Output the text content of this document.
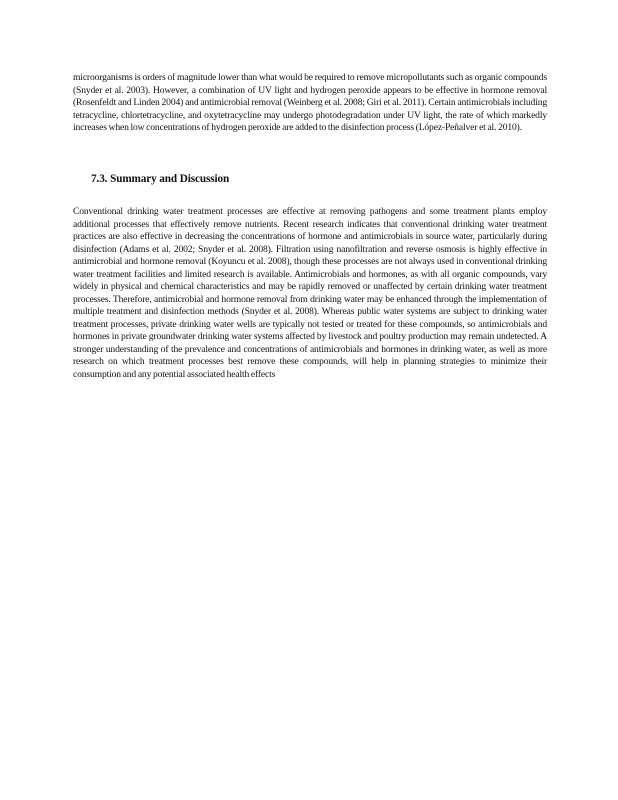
microorganisms is orders of magnitude lower than what would be required to remove micropollutants such as organic compounds (Snyder et al. 2003). However, a combination of UV light and hydrogen peroxide appears to be effective in hormone removal (Rosenfeldt and Linden 2004) and antimicrobial removal (Weinberg et al. 2008; Giri et al. 2011). Certain antimicrobials including tetracycline, chlortetracycline, and oxytetracycline may undergo photodegradation under UV light, the rate of which markedly increases when low concentrations of hydrogen peroxide are added to the disinfection process (López-Peñalver et al. 2010).

7.3. Summary and Discussion

Conventional drinking water treatment processes are effective at removing pathogens and some treatment plants employ additional processes that effectively remove nutrients. Recent research indicates that conventional drinking water treatment practices are also effective in decreasing the concentrations of hormone and antimicrobials in source water, particularly during disinfection (Adams et al. 2002; Snyder et al. 2008). Filtration using nanofiltration and reverse osmosis is highly effective in antimicrobial and hormone removal (Koyuncu et al. 2008), though these processes are not always used in conventional drinking water treatment facilities and limited research is available. Antimicrobials and hormones, as with all organic compounds, vary widely in physical and chemical characteristics and may be rapidly removed or unaffected by certain drinking water treatment processes. Therefore, antimicrobial and hormone removal from drinking water may be enhanced through the implementation of multiple treatment and disinfection methods (Snyder et al. 2008). Whereas public water systems are subject to drinking water treatment processes, private drinking water wells are typically not tested or treated for these compounds, so antimicrobials and hormones in private groundwater drinking water systems affected by livestock and poultry production may remain undetected. A stronger understanding of the prevalence and concentrations of antimicrobials and hormones in drinking water, as well as more research on which treatment processes best remove these compounds, will help in planning strategies to minimize their consumption and any potential associated health effects
